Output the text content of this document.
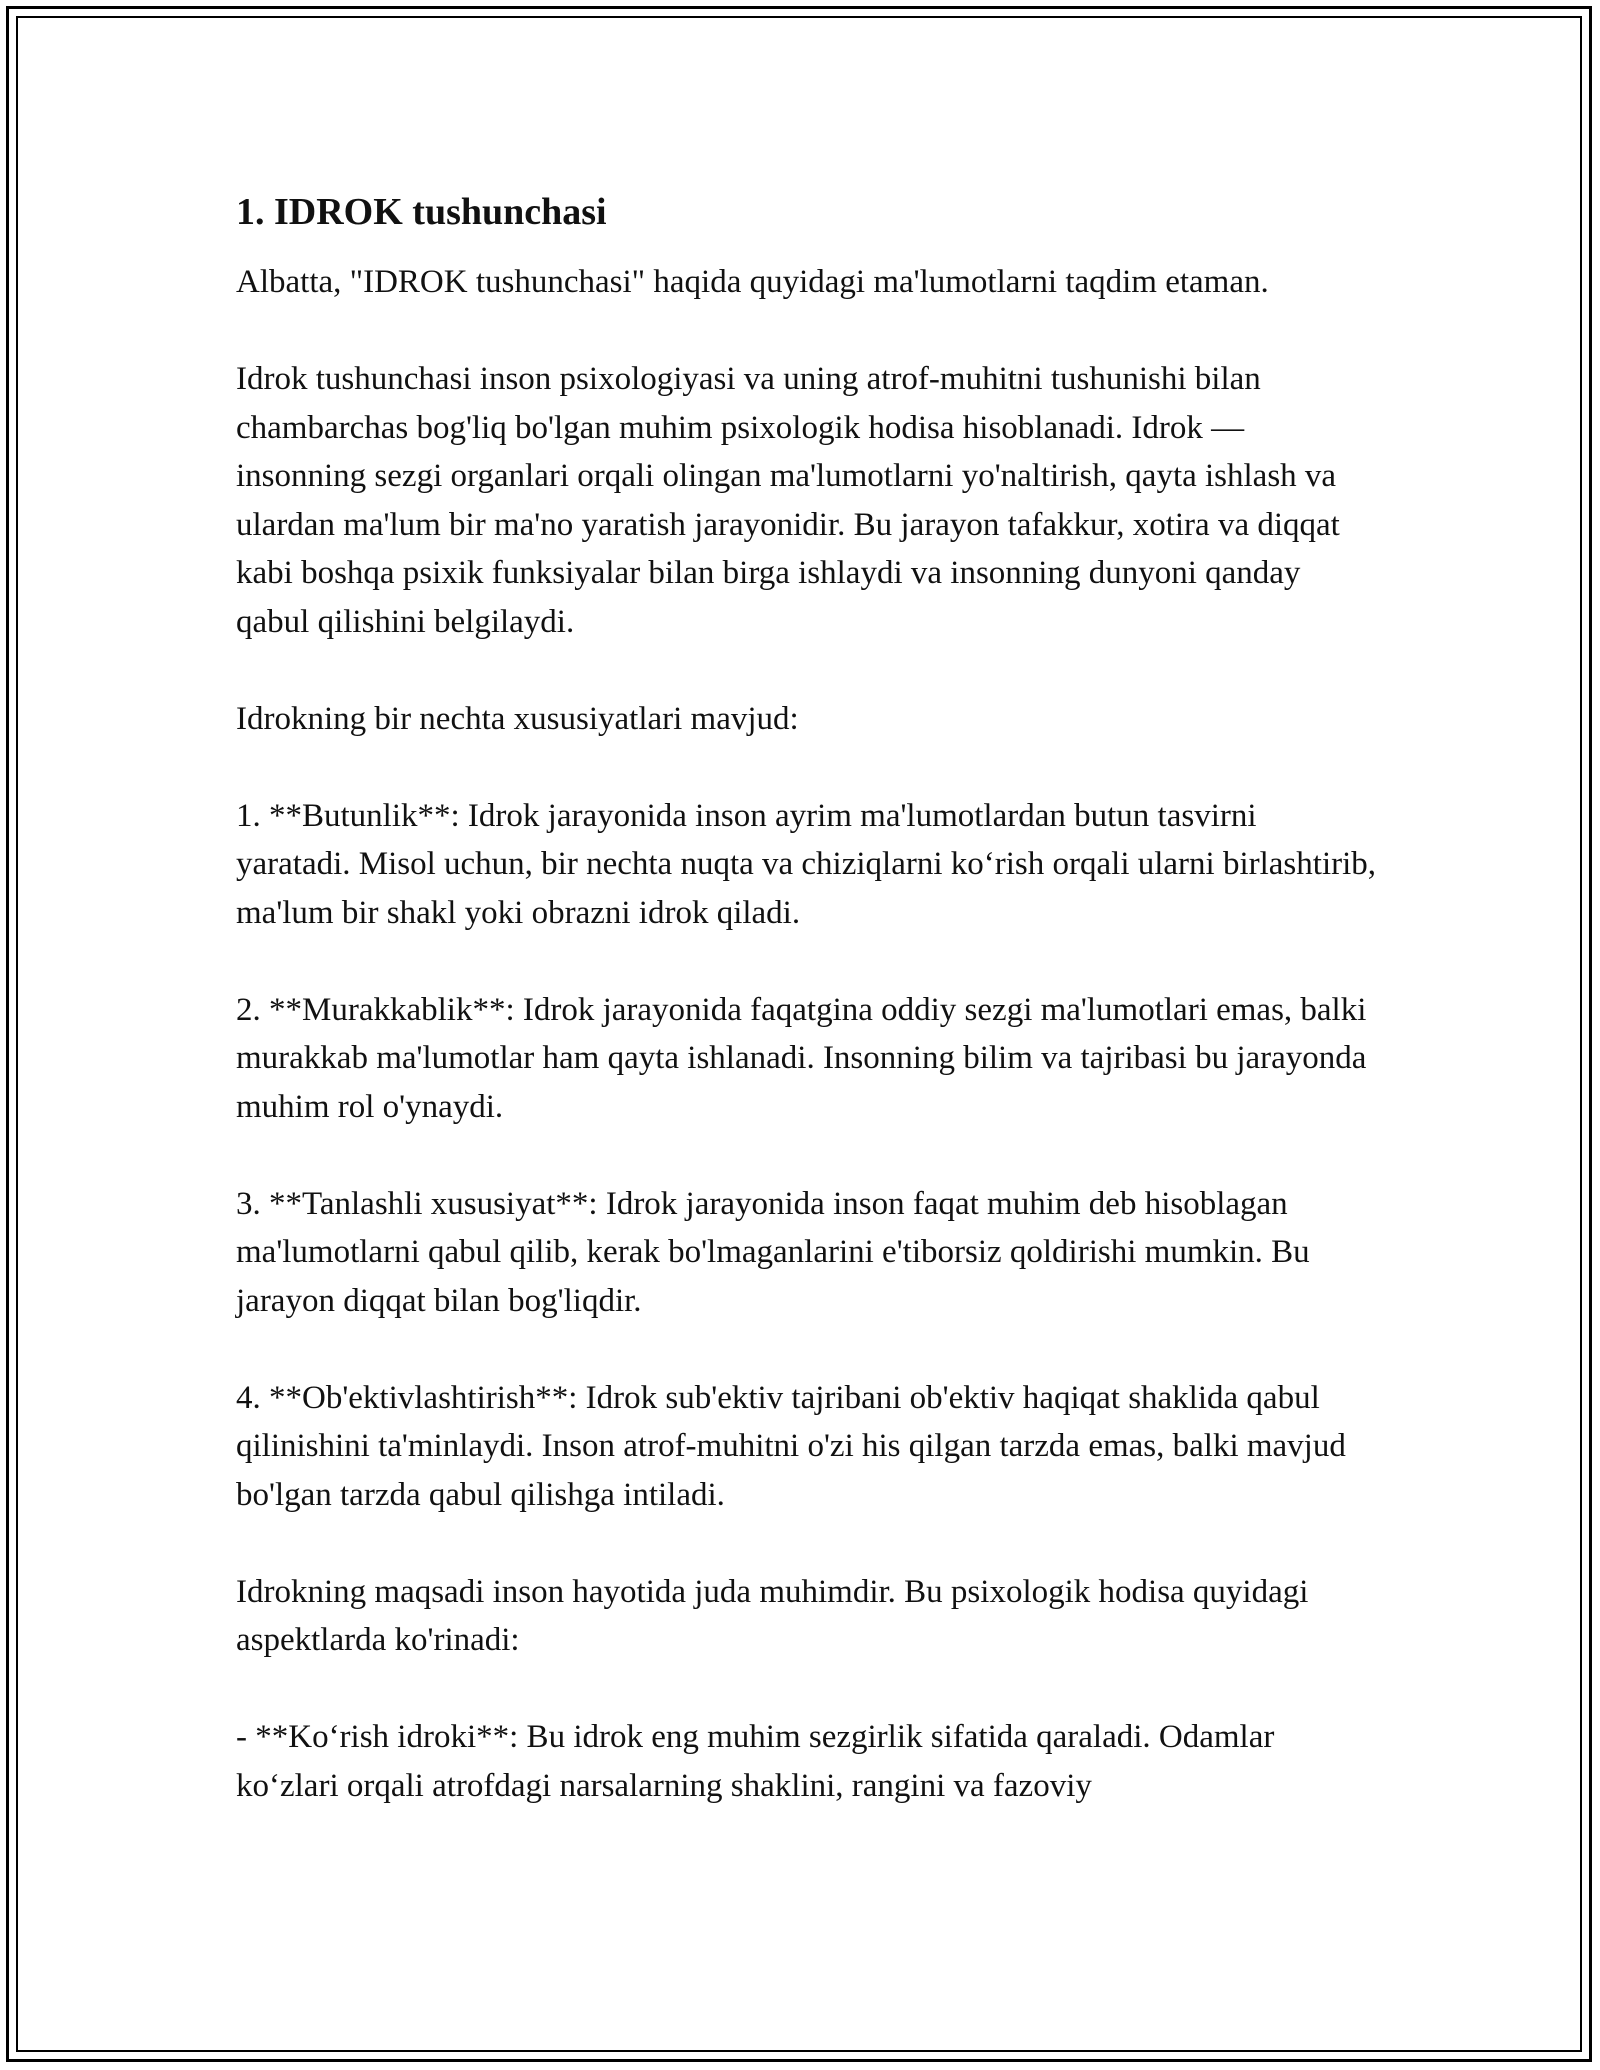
1. IDROK tushunchasi

Albatta, "IDROK tushunchasi" haqida quyidagi ma'lumotlarni taqdim etaman.

Idrok tushunchasi inson psixologiyasi va uning atrof-muhitni tushunishi bilan chambarchas bog'liq bo'lgan muhim psixologik hodisa hisoblanadi. Idrok — insonning sezgi organlari orqali olingan ma'lumotlarni yo'naltirish, qayta ishlash va ulardan ma'lum bir ma'no yaratish jarayonidir. Bu jarayon tafakkur, xotira va diqqat kabi boshqa psixik funksiyalar bilan birga ishlaydi va insonning dunyoni qanday qabul qilishini belgilaydi.

Idrokning bir nechta xususiyatlari mavjud:

1. **Butunlik**: Idrok jarayonida inson ayrim ma'lumotlardan butun tasvirni yaratadi. Misol uchun, bir nechta nuqta va chiziqlarni ko‘rish orqali ularni birlashtirib, ma'lum bir shakl yoki obrazni idrok qiladi.

2. **Murakkablik**: Idrok jarayonida faqatgina oddiy sezgi ma'lumotlari emas, balki murakkab ma'lumotlar ham qayta ishlanadi. Insonning bilim va tajribasi bu jarayonda muhim rol o'ynaydi.

3. **Tanlashli xususiyat**: Idrok jarayonida inson faqat muhim deb hisoblagan ma'lumotlarni qabul qilib, kerak bo'lmaganlarini e'tiborsiz qoldirishi mumkin. Bu jarayon diqqat bilan bog'liqdir.

4. **Ob'ektivlashtirish**: Idrok sub'ektiv tajribani ob'ektiv haqiqat shaklida qabul qilinishini ta'minlaydi. Inson atrof-muhitni o'zi his qilgan tarzda emas, balki mavjud bo'lgan tarzda qabul qilishga intiladi.

Idrokning maqsadi inson hayotida juda muhimdir. Bu psixologik hodisa quyidagi aspektlarda ko'rinadi:

- **Ko‘rish idroki**: Bu idrok eng muhim sezgirlik sifatida qaraladi. Odamlar ko‘zlari orqali atrofdagi narsalarning shaklini, rangini va fazoviy
